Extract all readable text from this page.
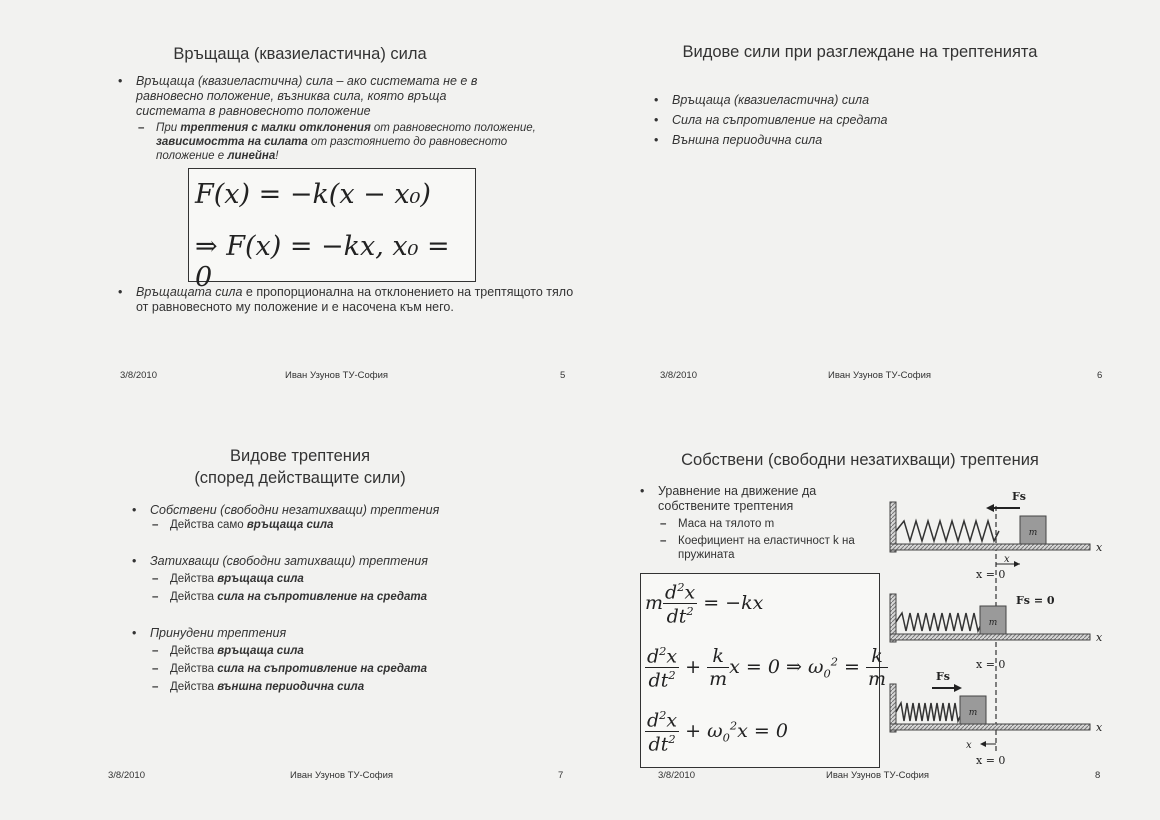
Връщаща (квазиеластична) сила
• Връщаща (квазиеластична) сила – ако системата не е в равновесно положение, възниква сила, която връща системата в равновесното положение
– При трептения с малки отклонения от равновесното положение, зависимостта на силата от разстоянието до равновесното положение е линейна!
F(x) = −k(x − x₀)
⇒ F(x) = −kx, x₀ = 0
• Връщащата сила е пропорционална на отклонението на трептящото тяло от равновесното му положение и е насочена към него.
3/8/2010	Иван Узунов ТУ-София	5
Видове сили при разглеждане на трептенията
• Връщаща (квазиеластична) сила
• Сила на съпротивление на средата
• Външна периодична сила
3/8/2010	Иван Узунов ТУ-София	6
Видове трептения
(според действащите сили)
• Собствени (свободни незатихващи) трептения
– Действа само връщаща сила
• Затихващи (свободни затихващи) трептения
– Действа връщаща сила
– Действа сила на съпротивление на средата
• Принудени трептения
– Действа връщаща сила
– Действа сила на съпротивление на средата
– Действа външна периодична сила
3/8/2010	Иван Узунов ТУ-София	7
Собствени (свободни незатихващи) трептения
• Уравнение на движение да собствените трептения
– Маса на тялото m
– Коефициент на еластичност k на пружината
m $\frac{d^2x}{dt^2} = -kx$
$\frac{d^2x}{dt^2} + \frac{k}{m}$ x = 0 ⇒ $\omega_0^2 = \frac{k}{m}$
$\frac{d^2x}{dt^2} + \omega_0^2x = 0$
m
Fs
x
x
x = 0
m
Fs = 0
x
x = 0
m
Fs
x
x
x = 0
3/8/2010	Иван Узунов ТУ-София	8
